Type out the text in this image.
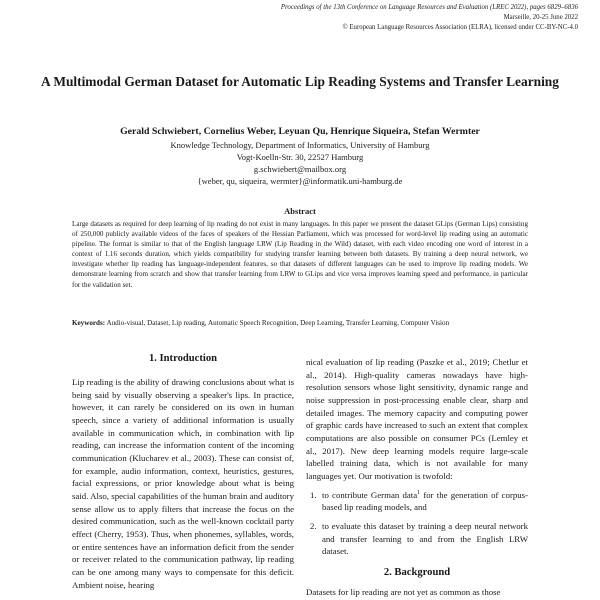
Proceedings of the 13th Conference on Language Resources and Evaluation (LREC 2022), pages 6829–6836
Marseille, 20-25 June 2022
© European Language Resources Association (ELRA), licensed under CC-BY-NC-4.0
A Multimodal German Dataset for Automatic Lip Reading Systems and Transfer Learning
Gerald Schwiebert, Cornelius Weber, Leyuan Qu, Henrique Siqueira, Stefan Wermter
Knowledge Technology, Department of Informatics, University of Hamburg
Vogt-Koelln-Str. 30, 22527 Hamburg
g.schwiebert@mailbox.org
{weber, qu, siqueira, wermter}@informatik.uni-hamburg.de
Abstract
Large datasets as required for deep learning of lip reading do not exist in many languages. In this paper we present the dataset GLips (German Lips) consisting of 250,000 publicly available videos of the faces of speakers of the Hessian Parliament, which was processed for word-level lip reading using an automatic pipeline. The format is similar to that of the English language LRW (Lip Reading in the Wild) dataset, with each video encoding one word of interest in a context of 1.16 seconds duration, which yields compatibility for studying transfer learning between both datasets. By training a deep neural network, we investigate whether lip reading has language-independent features, so that datasets of different languages can be used to improve lip reading models. We demonstrate learning from scratch and show that transfer learning from LRW to GLips and vice versa improves learning speed and performance, in particular for the validation set.
Keywords: Audio-visual, Dataset, Lip reading, Automatic Speech Recognition, Deep Learning, Transfer Learning, Computer Vision
1. Introduction

Lip reading is the ability of drawing conclusions about what is being said by visually observing a speaker's lips. In practice, however, it can rarely be considered on its own in human speech, since a variety of additional information is usually available in communication which, in combination with lip reading, can increase the information content of the incoming communication (Klucharev et al., 2003). These can consist of, for example, audio information, context, heuristics, gestures, facial expressions, or prior knowledge about what is being said. Also, special capabilities of the human brain and auditory sense allow us to apply filters that increase the focus on the desired communication, such as the well-known cocktail party effect (Cherry, 1953). Thus, when phonemes, syllables, words, or entire sentences have an information deficit from the sender or receiver related to the communication pathway, lip reading can be one among many ways to compensate for this deficit. Ambient noise, hearing

nical evaluation of lip reading (Paszke et al., 2019; Chetlur et al., 2014). High-quality cameras nowadays have high-resolution sensors whose light sensitivity, dynamic range and noise suppression in post-processing enable clear, sharp and detailed images. The memory capacity and computing power of graphic cards have increased to such an extent that complex computations are also possible on consumer PCs (Lemley et al., 2017). New deep learning models require large-scale labelled training data, which is not available for many languages yet. Our motivation is twofold:

1. to contribute German data$^1$ for the generation of corpus-based lip reading models, and
2. to evaluate this dataset by training a deep neural network and transfer learning to and from the English LRW dataset.
2. Background

Datasets for lip reading are not yet as common as those
